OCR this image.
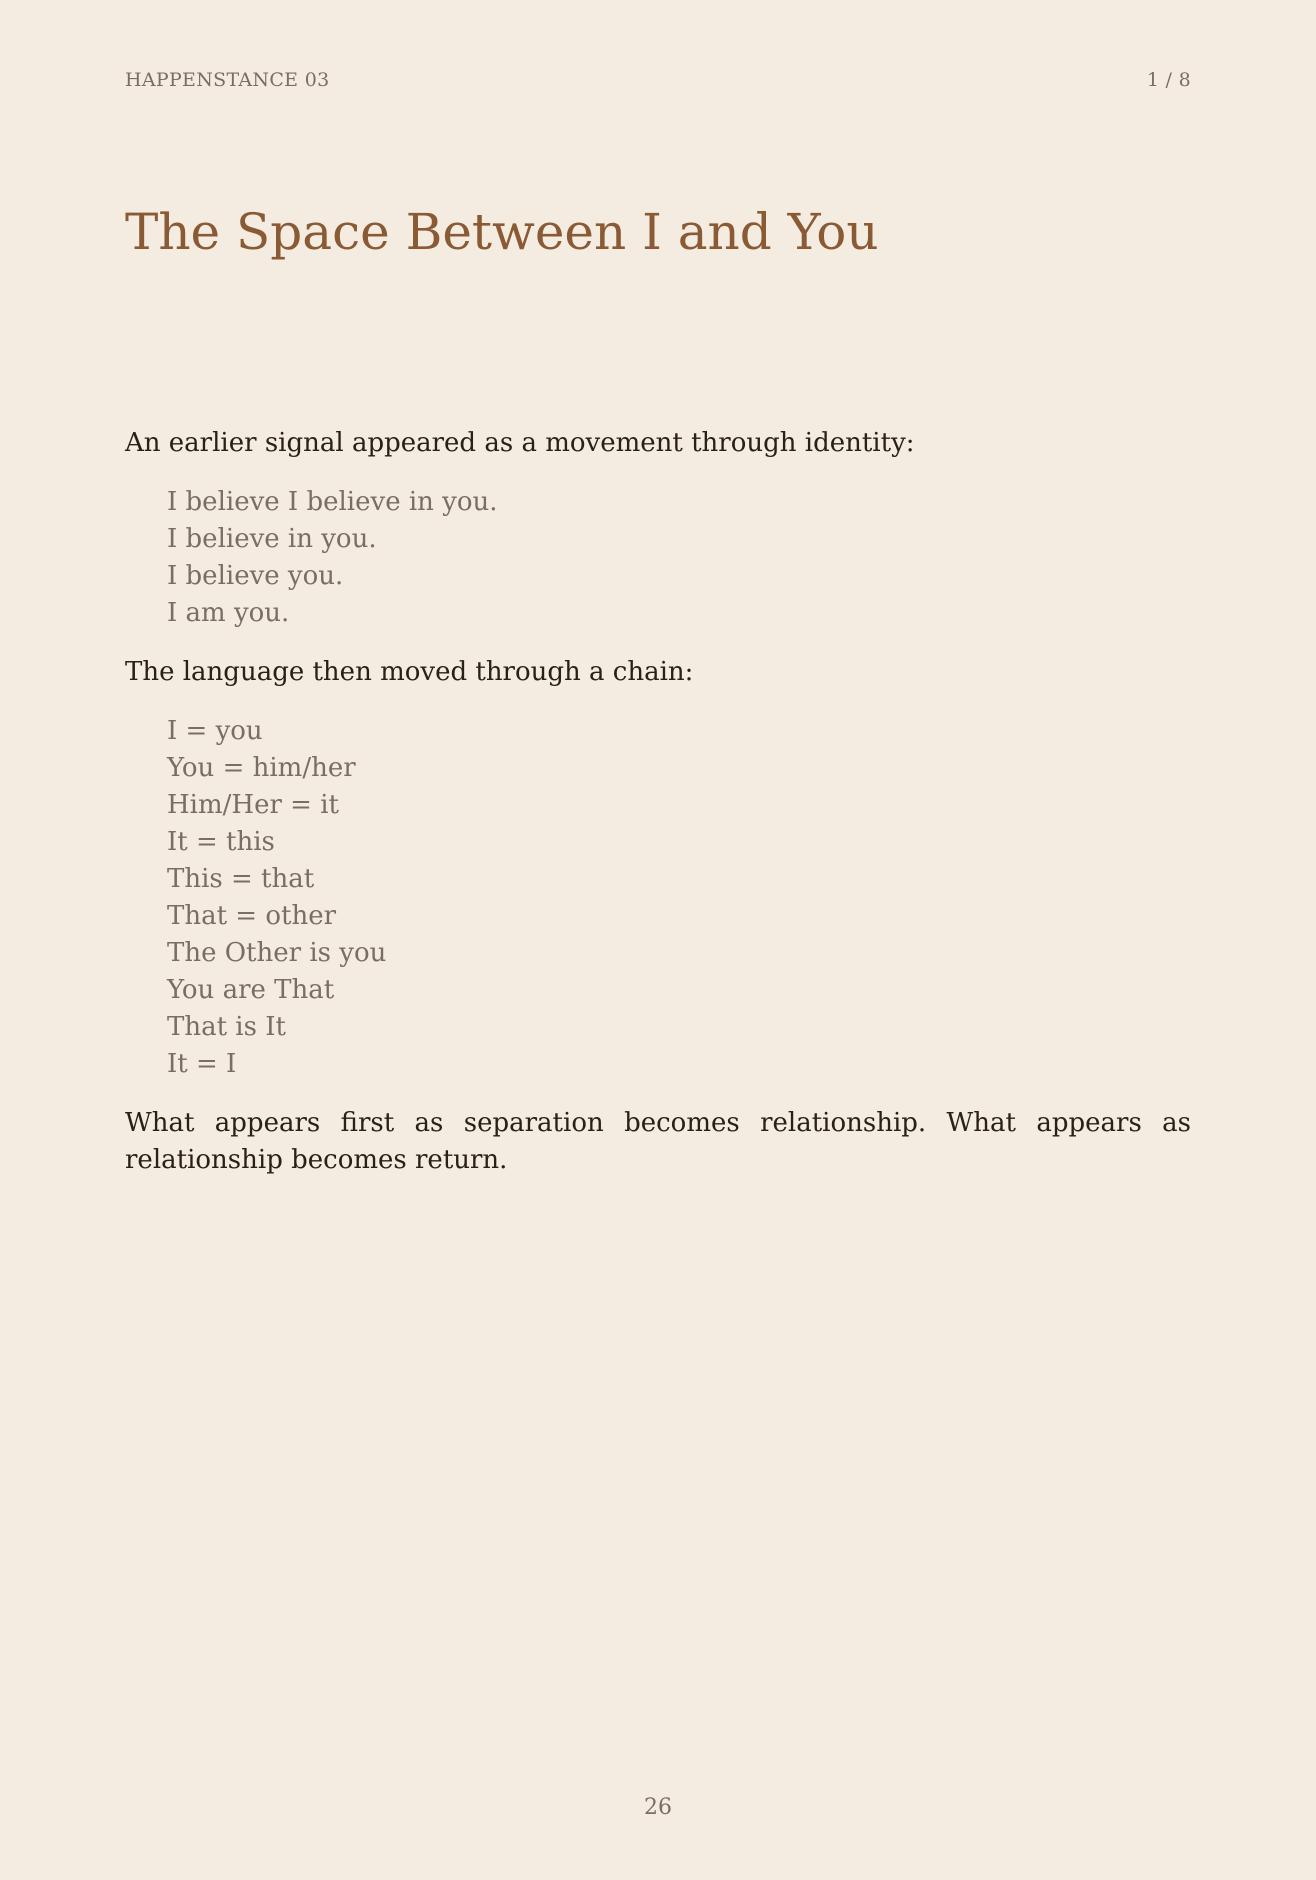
HAPPENSTANCE 03	1 / 8
The Space Between I and You

An earlier signal appeared as a movement through identity:

I believe I believe in you.
I believe in you.
I believe you.
I am you.

The language then moved through a chain:

I = you
You = him/her
Him/Her = it
It = this
This = that
That = other
The Other is you
You are That
That is It
It = I

What appears first as separation becomes relationship. What appears as relationship becomes return.

26
